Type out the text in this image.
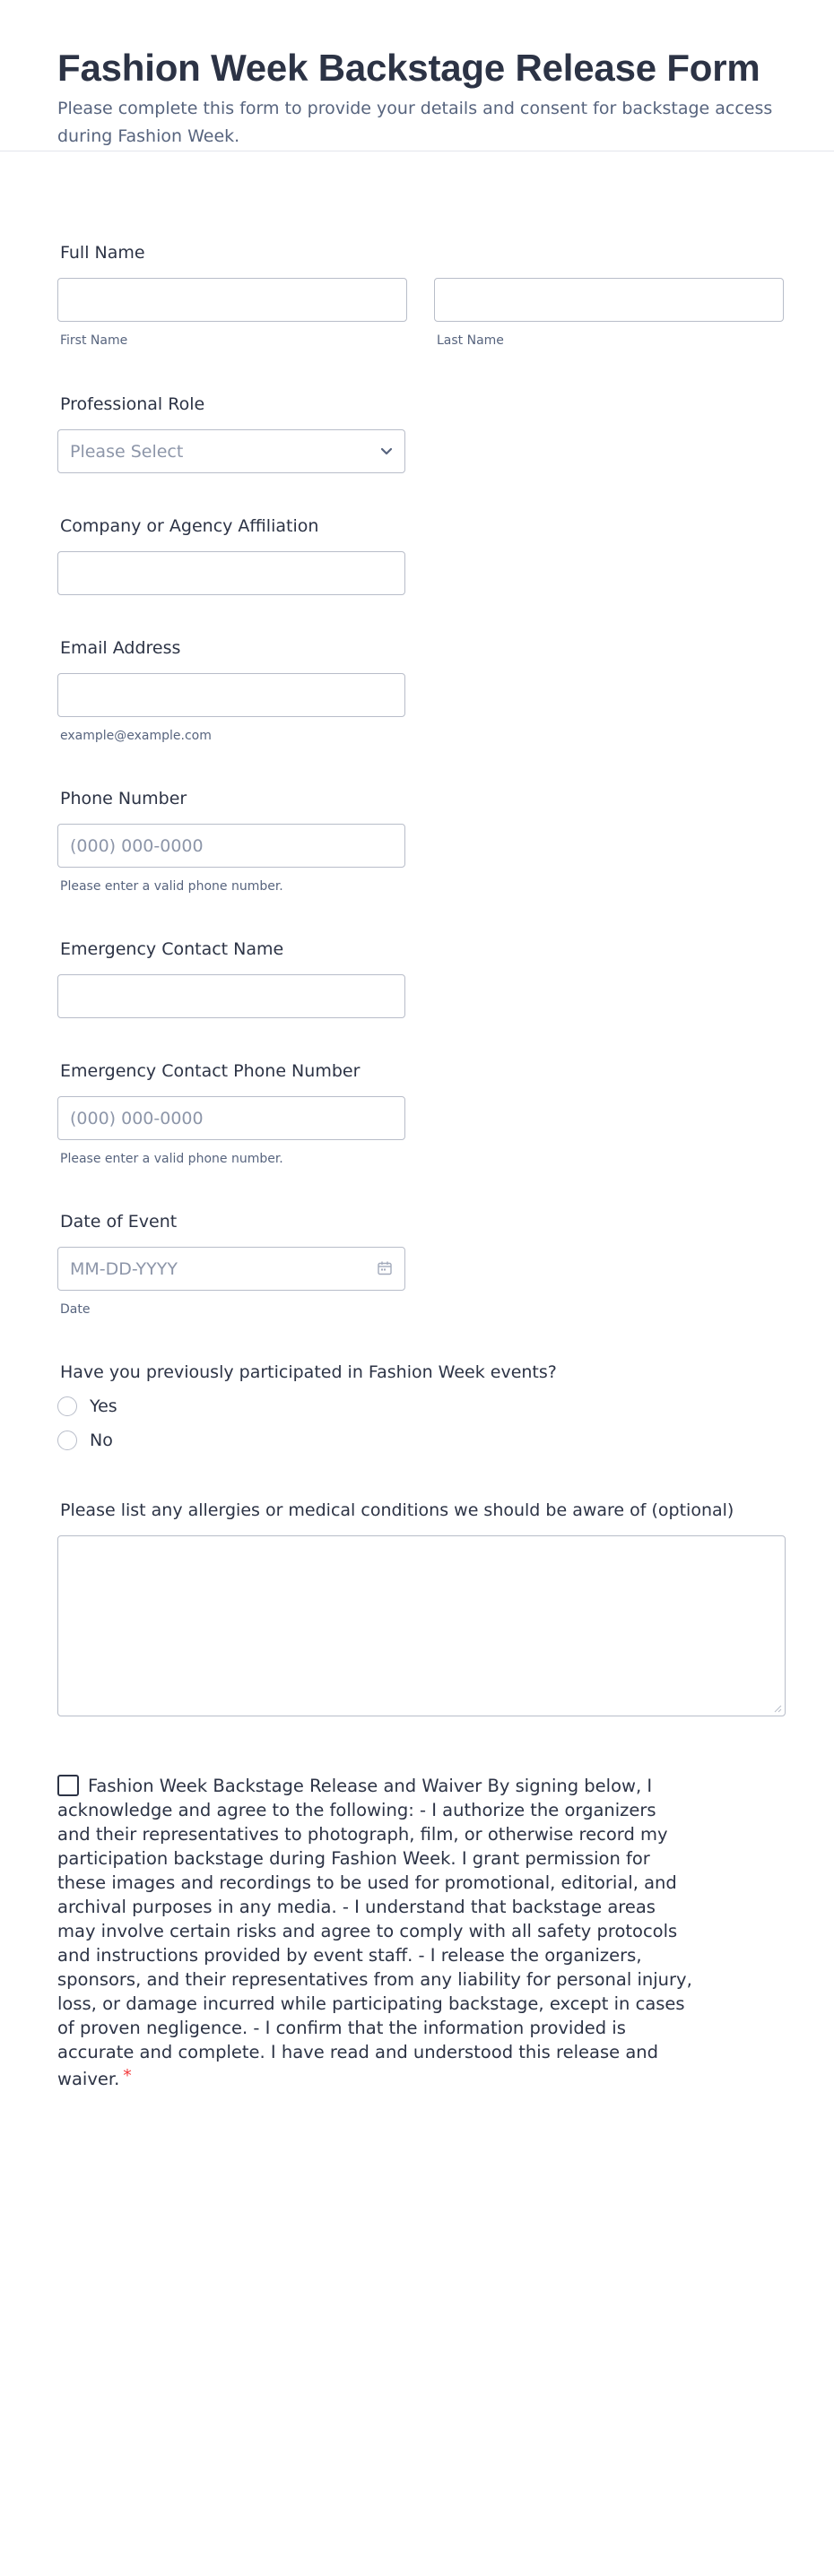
Fashion Week Backstage Release Form

Please complete this form to provide your details and consent for backstage access during Fashion Week.

Full Name
First Name	Last Name
Professional Role
Please Select
Company or Agency Affiliation
Email Address
example@example.com
Phone Number
(000) 000-0000
Please enter a valid phone number.
Emergency Contact Name
Emergency Contact Phone Number
(000) 000-0000
Please enter a valid phone number.
Date of Event
MM-DD-YYYY
Date
Have you previously participated in Fashion Week events?
Yes
No
Please list any allergies or medical conditions we should be aware of (optional)
Fashion Week Backstage Release and Waiver By signing below, I acknowledge and agree to the following: - I authorize the organizers and their representatives to photograph, film, or otherwise record my participation backstage during Fashion Week. I grant permission for these images and recordings to be used for promotional, editorial, and archival purposes in any media. - I understand that backstage areas may involve certain risks and agree to comply with all safety protocols and instructions provided by event staff. - I release the organizers, sponsors, and their representatives from any liability for personal injury, loss, or damage incurred while participating backstage, except in cases of proven negligence. - I confirm that the information provided is accurate and complete. I have read and understood this release and waiver. *
